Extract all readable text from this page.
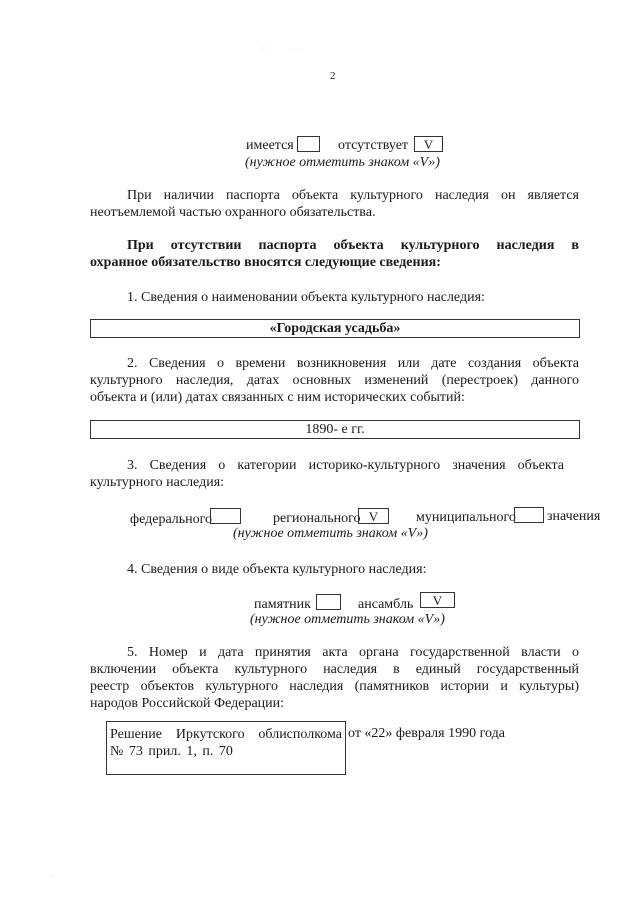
· · · · ·
2
имеется	отсутствует	V
(нужное отметить знаком «V»)
При наличии паспорта объекта культурного наследия он является
неотъемлемой частью охранного обязательства.
При отсутствии паспорта объекта культурного наследия в
охранное обязательство вносятся следующие сведения:
1. Сведения о наименовании объекта культурного наследия:
«Городская усадьба»
2. Сведения о времени возникновения или дате создания объекта
культурного наследия, датах основных изменений (перестроек) данного
объекта и (или) датах связанных с ним исторических событий:
1890- е гг.
3. Сведения о категории историко-культурного значения объекта
культурного наследия:
федерального	регионального V	муниципального значения
(нужное отметить знаком «V»)
4. Сведения о виде объекта культурного наследия:
памятник	ансамбль	V
(нужное отметить знаком «V»)
5. Номер и дата принятия акта органа государственной власти о
включении объекта культурного наследия в единый государственный
реестр объектов культурного наследия (памятников истории и культуры)
народов Российской Федерации:
Решение Иркутского облисполкома
№ 73 прил. 1, п. 70
от «22» февраля 1990 года
·
